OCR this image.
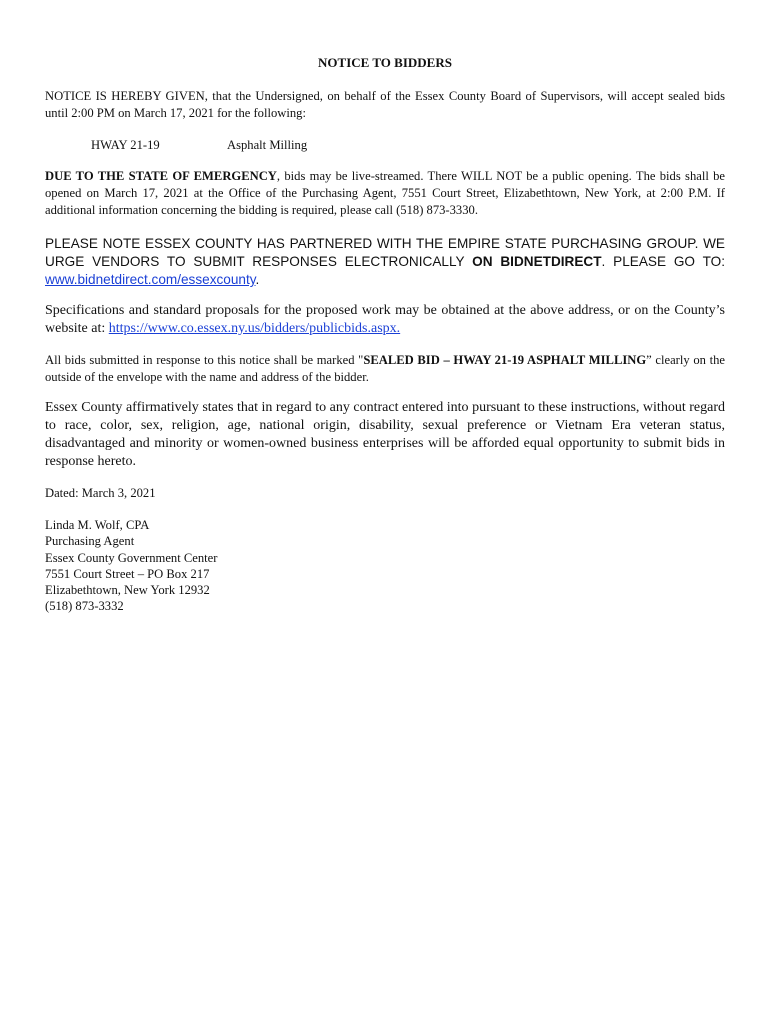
NOTICE TO BIDDERS

NOTICE IS HEREBY GIVEN, that the Undersigned, on behalf of the Essex County Board of Supervisors, will accept sealed bids until 2:00 PM on March 17, 2021 for the following:

HWAY 21-19	Asphalt Milling

DUE TO THE STATE OF EMERGENCY, bids may be live-streamed. There WILL NOT be a public opening. The bids shall be opened on March 17, 2021 at the Office of the Purchasing Agent, 7551 Court Street, Elizabethtown, New York, at 2:00 P.M. If additional information concerning the bidding is required, please call (518) 873-3330.

PLEASE NOTE ESSEX COUNTY HAS PARTNERED WITH THE EMPIRE STATE PURCHASING GROUP. WE URGE VENDORS TO SUBMIT RESPONSES ELECTRONICALLY ON BIDNETDIRECT. PLEASE GO TO: www.bidnetdirect.com/essexcounty.

Specifications and standard proposals for the proposed work may be obtained at the above address, or on the County’s website at: https://www.co.essex.ny.us/bidders/publicbids.aspx.

All bids submitted in response to this notice shall be marked "SEALED BID – HWAY 21-19 ASPHALT MILLING” clearly on the outside of the envelope with the name and address of the bidder.

Essex County affirmatively states that in regard to any contract entered into pursuant to these instructions, without regard to race, color, sex, religion, age, national origin, disability, sexual preference or Vietnam Era veteran status, disadvantaged and minority or women-owned business enterprises will be afforded equal opportunity to submit bids in response hereto.

Dated: March 3, 2021

Linda M. Wolf, CPA
Purchasing Agent
Essex County Government Center
7551 Court Street – PO Box 217
Elizabethtown, New York 12932
(518) 873-3332
